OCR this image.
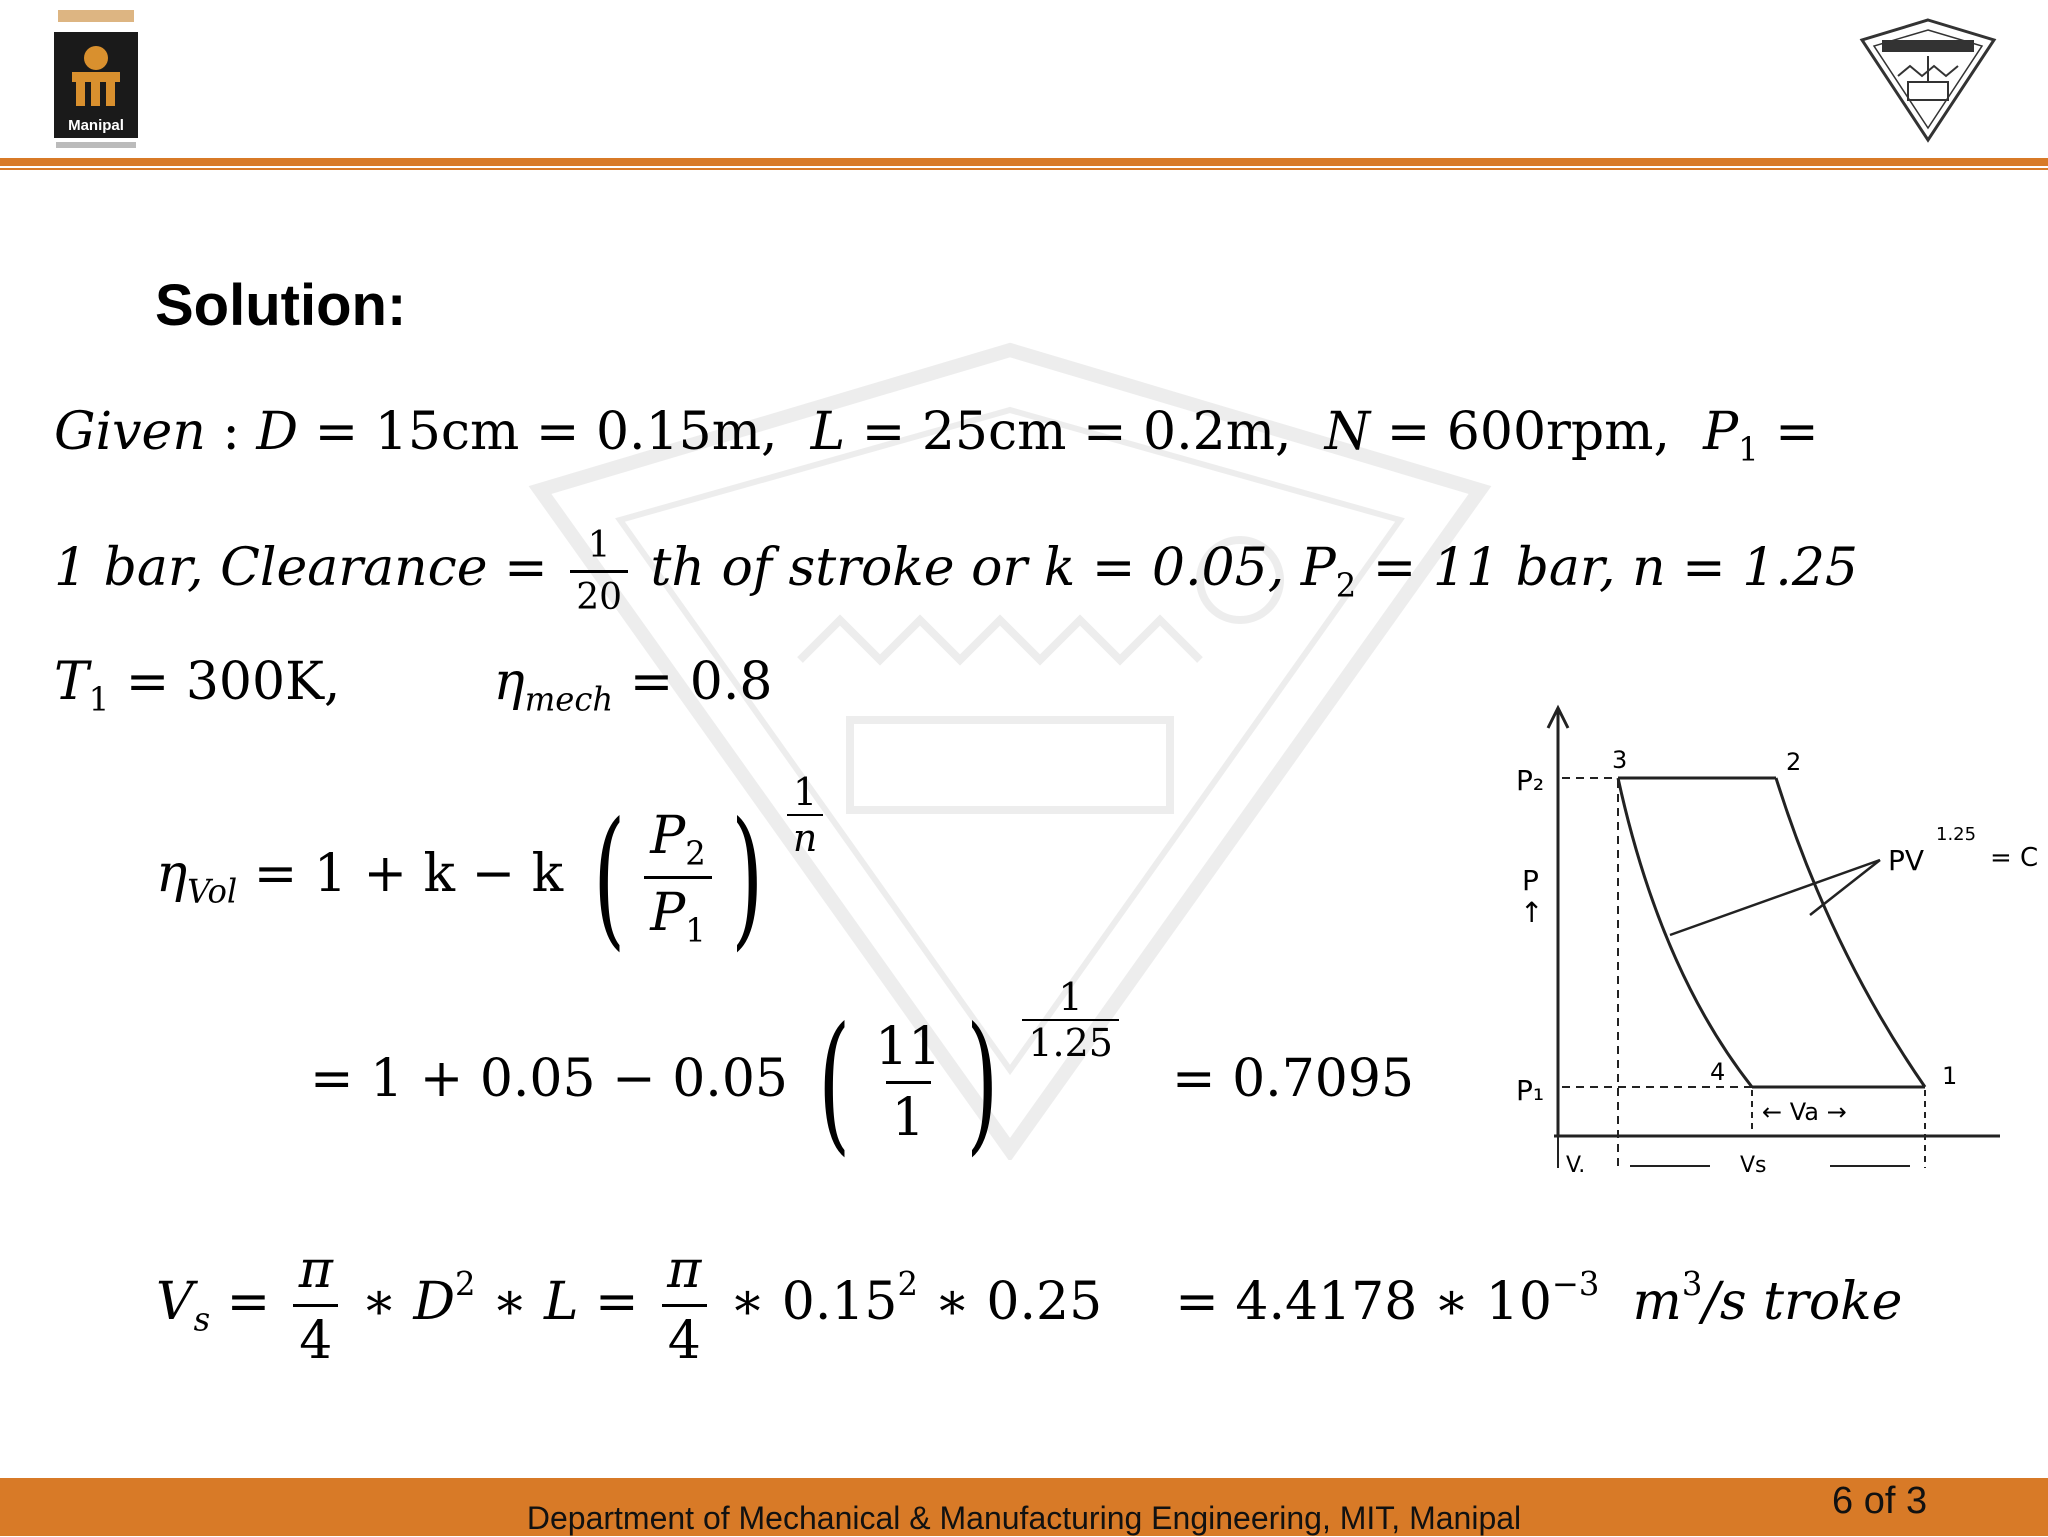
Manipal
Solution:
Given : D = 15cm = 0.15m, L = 25cm = 0.2m, N = 600rpm, $P_1$ =
1 bar, Clearance = $\frac{1}{20}$ th of stroke or k = 0.05, $P_2 = 11$ bar, n = 1.25
$T_1 = 300K$,	$\eta_{mech} = 0.8$
$\eta_{Vol} = 1 + k - k$ ( $\frac{P_2}{P_1}$ ) $\frac{1}{n}$
= 1 + 0.05 − 0.05 ( $\frac{11}{1}$ ) $\frac{1}{1.25}$
= 0.7095
$V_s = \frac{\pi}{4}$ ∗ $D^2$ ∗ $L = \frac{\pi}{4}$ ∗ 0.15$^2$ ∗ 0.25 = 4.4178 ∗ $10^{-3}$ $m^3/s$ troke
P₂
P
↑
P₁
3	2
4	1
PV
1.25
= C
← Va →
V.	Vs
Department of Mechanical & Manufacturing Engineering, MIT, Manipal	6 of 3
